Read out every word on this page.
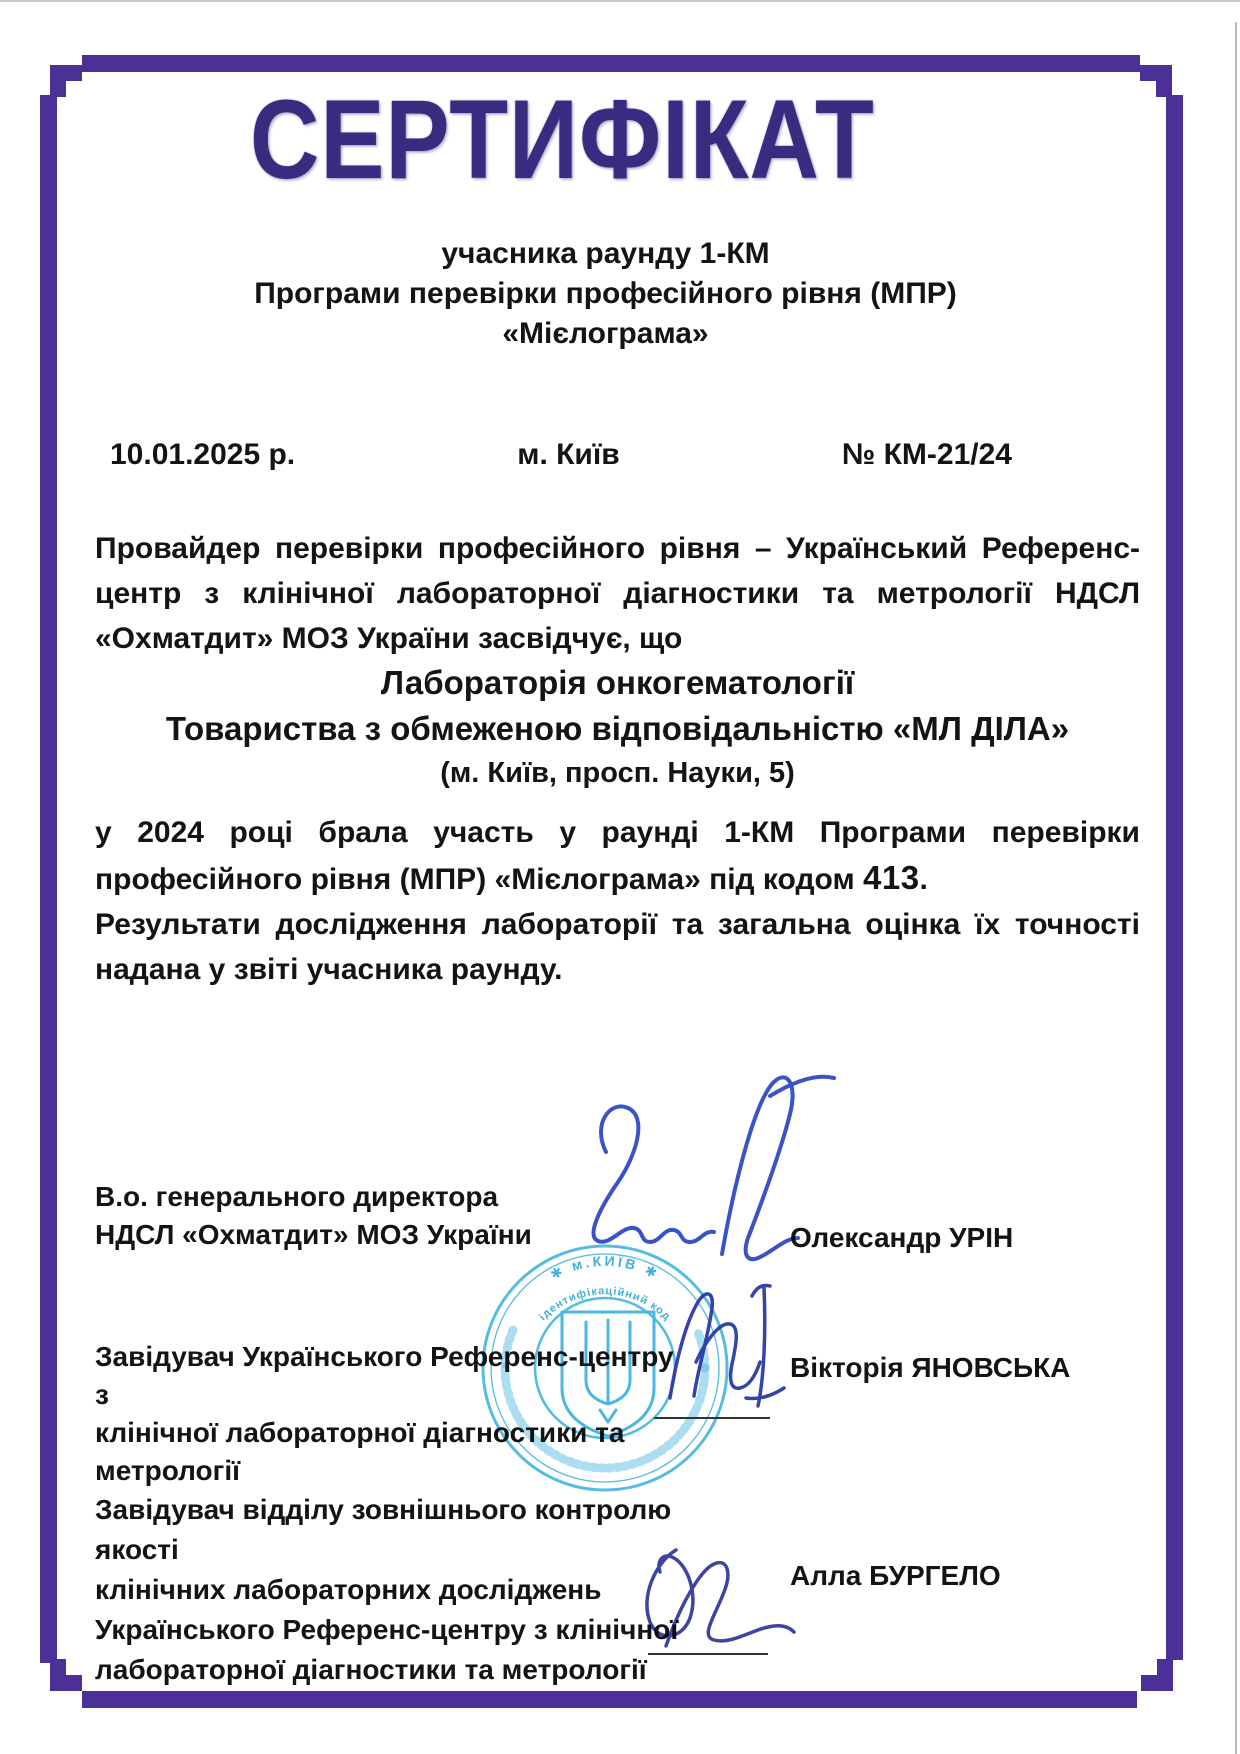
СЕРТИФІКАТ
учасника раунду 1-КМ
Програми перевірки професійного рівня (МПР)
«Мієлограма»
10.01.2025 р.	м. Київ	№ КМ-21/24

Провайдер перевірки професійного рівня – Український Референс-центр з клінічної лабораторної діагностики та метрології НДСЛ «Охматдит» МОЗ України засвідчує, що

Лабораторія онкогематології
Товариства з обмеженою відповідальністю «МЛ ДІЛА»
(м. Київ, просп. Науки, 5)

у 2024 році брала участь у раунді 1-КМ Програми перевірки професійного рівня (МПР) «Мієлограма» під кодом 413.

Результати дослідження лабораторії та загальна оцінка їх точності надана у звіті учасника раунду.

В.о. генерального директора
НДСЛ «Охматдит» МОЗ України	Олександр УРІН
Завідувач Українського Референс-центру з
клінічної лабораторної діагностики та метрології
Вікторія ЯНОВСЬКА
Завідувач відділу зовнішнього контролю якості
клінічних лабораторних досліджень
Українського Референс-центру з клінічної
лабораторної діагностики та метрології
Алла БУРГЕЛО
✱ м.КИЇВ ✱
ідентифікаційний код
